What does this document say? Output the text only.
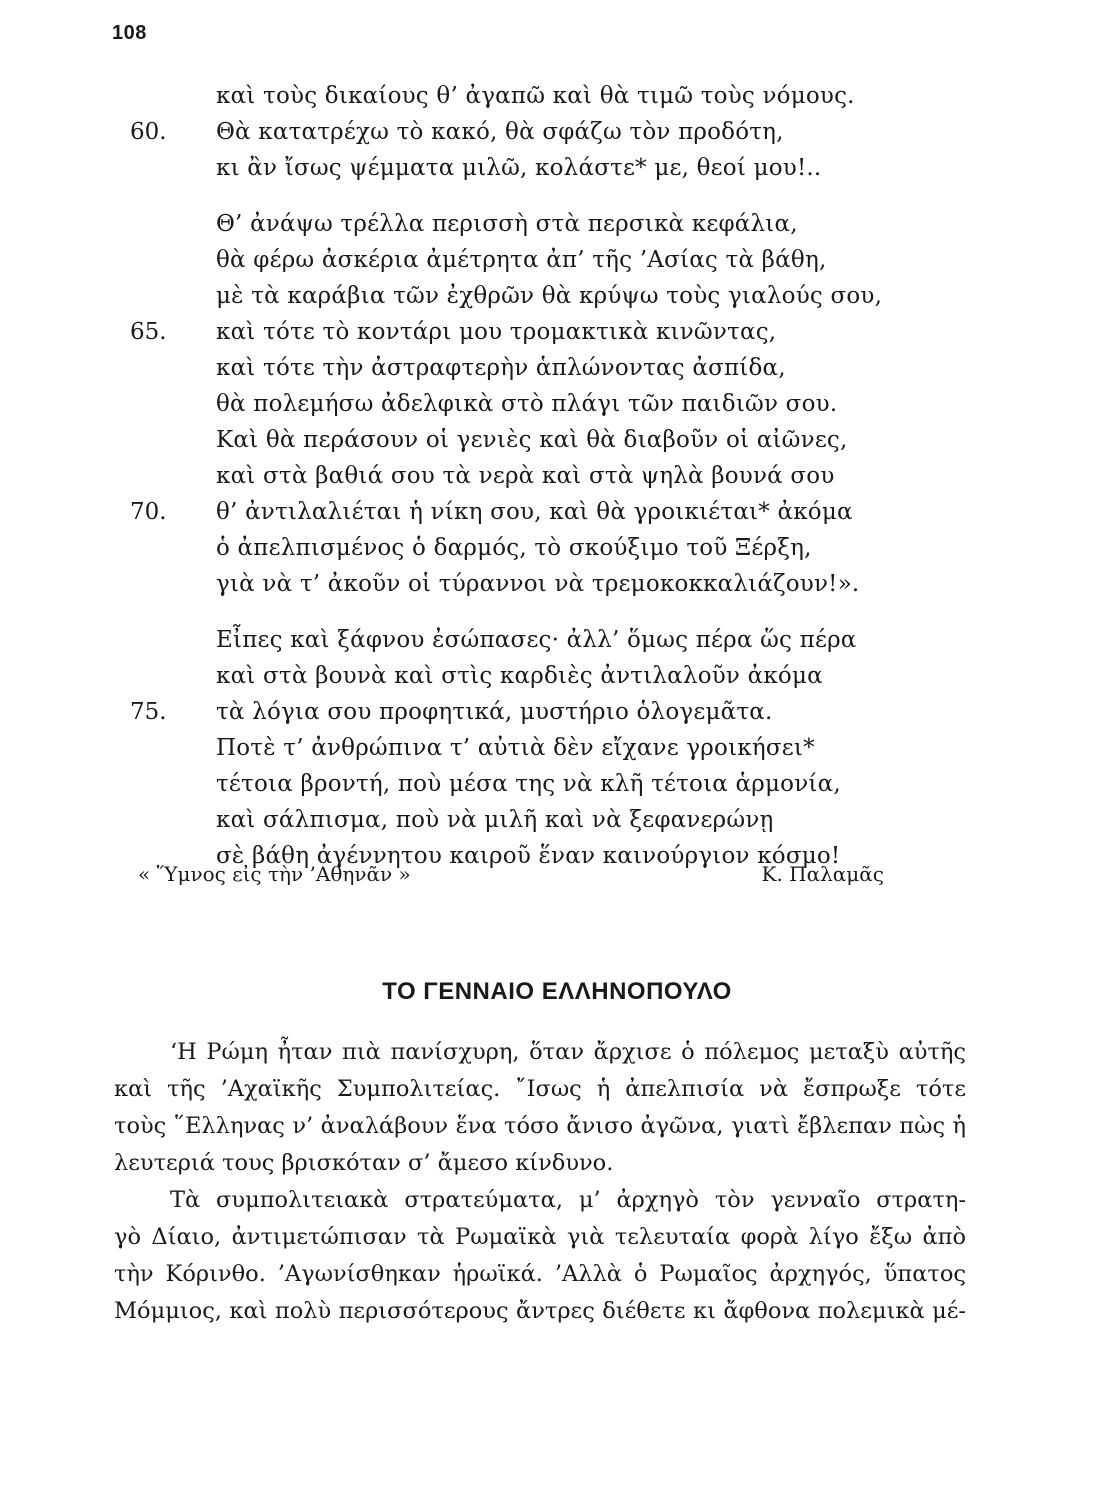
108
καὶ τοὺς δικαίους θ’ ἀγαπῶ καὶ θὰ τιμῶ τοὺς νόμους.
60. Θὰ κατατρέχω τὸ κακό, θὰ σφάζω τὸν προδότη,
κι ἂν ἴσως ψέμματα μιλῶ, κολάστε* με, θεοί μου!..
Θ’ ἀνάψω τρέλλα περισσὴ στὰ περσικὰ κεφάλια,
θὰ φέρω ἀσκέρια ἀμέτρητα ἀπ’ τῆς ’Ασίας τὰ βάθη,
μὲ τὰ καράβια τῶν ἐχθρῶν θὰ κρύψω τοὺς γιαλούς σου,
65. καὶ τότε τὸ κοντάρι μου τρομακτικὰ κινῶντας,
καὶ τότε τὴν ἀστραφτερὴν ἁπλώνοντας ἀσπίδα,
θὰ πολεμήσω ἀδελφικὰ στὸ πλάγι τῶν παιδιῶν σου.
Καὶ θὰ περάσουν οἱ γενιὲς καὶ θὰ διαβοῦν οἱ αἰῶνες,
καὶ στὰ βαθιά σου τὰ νερὰ καὶ στὰ ψηλὰ βουνά σου
70. θ’ ἀντιλαλιέται ἡ νίκη σου, καὶ θὰ γροικιέται* ἀκόμα
ὁ ἀπελπισμένος ὁ δαρμός, τὸ σκούξιμο τοῦ Ξέρξη,
γιὰ νὰ τ’ ἀκοῦν οἱ τύραννοι νὰ τρεμοκοκκαλιάζουν!».
Εἶπες καὶ ξάφνου ἐσώπασες· ἀλλ’ ὅμως πέρα ὥς πέρα
καὶ στὰ βουνὰ καὶ στὶς καρδιὲς ἀντιλαλοῦν ἀκόμα
75. τὰ λόγια σου προφητικά, μυστήριο ὁλογεμᾶτα.
Ποτὲ τ’ ἀνθρώπινα τ’ αὐτιὰ δὲν εἴχανε γροικήσει*
τέτοια βροντή, ποὺ μέσα της νὰ κλῆ τέτοια ἁρμονία,
καὶ σάλπισμα, ποὺ νὰ μιλῆ καὶ νὰ ξεφανερώνῃ
σὲ βάθη ἀγέννητου καιροῦ ἕναν καινούργιον κόσμο!
« Ὕμνος εἰς τὴν ’Αθηνᾶν »	Κ. Παλαμᾶς
ΤΟ ΓΕΝΝΑΙΟ ΕΛΛΗΝΟΠΟΥΛΟ
‘Η Ρώμη ἦταν πιὰ πανίσχυρη, ὅταν ἄρχισε ὁ πόλεμος μεταξὺ αὐτῆς
καὶ τῆς ’Αχαϊκῆς Συμπολιτείας. ῎Ισως ἡ ἀπελπισία νὰ ἔσπρωξε τότε
τοὺς ῞Ελληνας ν’ ἀναλάβουν ἕνα τόσο ἄνισο ἀγῶνα, γιατὶ ἔβλεπαν πὼς ἡ
λευτεριά τους βρισκόταν σ’ ἄμεσο κίνδυνο.
Τὰ συμπολιτειακὰ στρατεύματα, μ’ ἀρχηγὸ τὸν γενναῖο στρατη-
γὸ Δίαιο, ἀντιμετώπισαν τὰ Ρωμαϊκὰ γιὰ τελευταία φορὰ λίγο ἔξω ἀπὸ
τὴν Κόρινθο. ’Αγωνίσθηκαν ἡρωϊκά. ’Αλλὰ ὁ Ρωμαῖος ἀρχηγός, ὕπατος
Μόμμιος, καὶ πολὺ περισσότερους ἄντρες διέθετε κι ἄφθονα πολεμικὰ μέ-
